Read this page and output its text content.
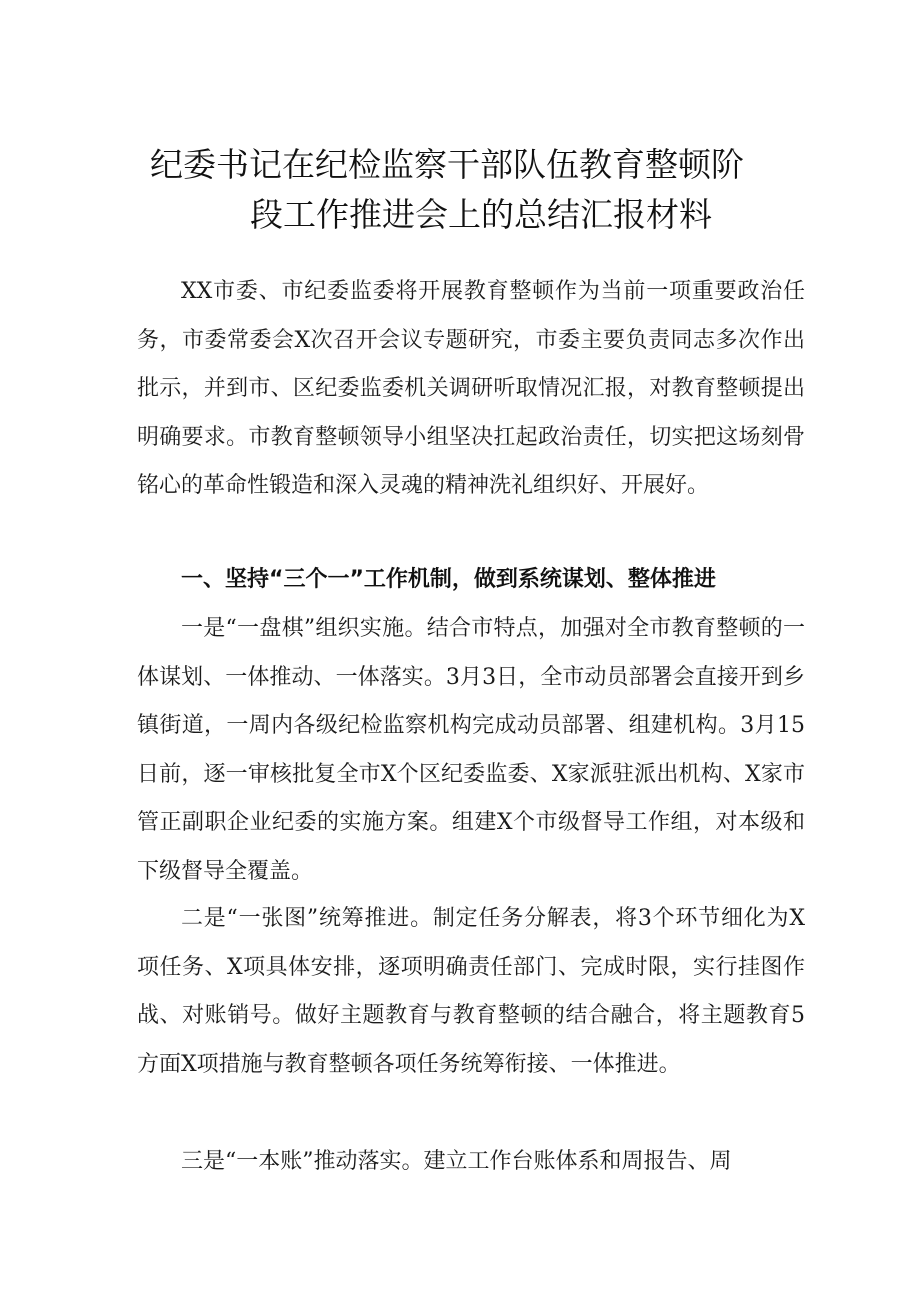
纪委书记在纪检监察干部队伍教育整顿阶
段工作推进会上的总结汇报材料

XX市委、市纪委监委将开展教育整顿作为当前一项重要政治任务，市委常委会X次召开会议专题研究，市委主要负责同志多次作出批示，并到市、区纪委监委机关调研听取情况汇报，对教育整顿提出明确要求。市教育整顿领导小组坚决扛起政治责任，切实把这场刻骨铭心的革命性锻造和深入灵魂的精神洗礼组织好、开展好。

一、坚持“三个一”工作机制，做到系统谋划、整体推进

一是“一盘棋”组织实施。结合市特点，加强对全市教育整顿的一体谋划、一体推动、一体落实。3月3日，全市动员部署会直接开到乡镇街道，一周内各级纪检监察机构完成动员部署、组建机构。3月15日前，逐一审核批复全市X个区纪委监委、X家派驻派出机构、X家市管正副职企业纪委的实施方案。组建X个市级督导工作组，对本级和下级督导全覆盖。

二是“一张图”统筹推进。制定任务分解表，将3个环节细化为X项任务、X项具体安排，逐项明确责任部门、完成时限，实行挂图作战、对账销号。做好主题教育与教育整顿的结合融合，将主题教育5方面X项措施与教育整顿各项任务统筹衔接、一体推进。

三是“一本账”推动落实。建立工作台账体系和周报告、周
